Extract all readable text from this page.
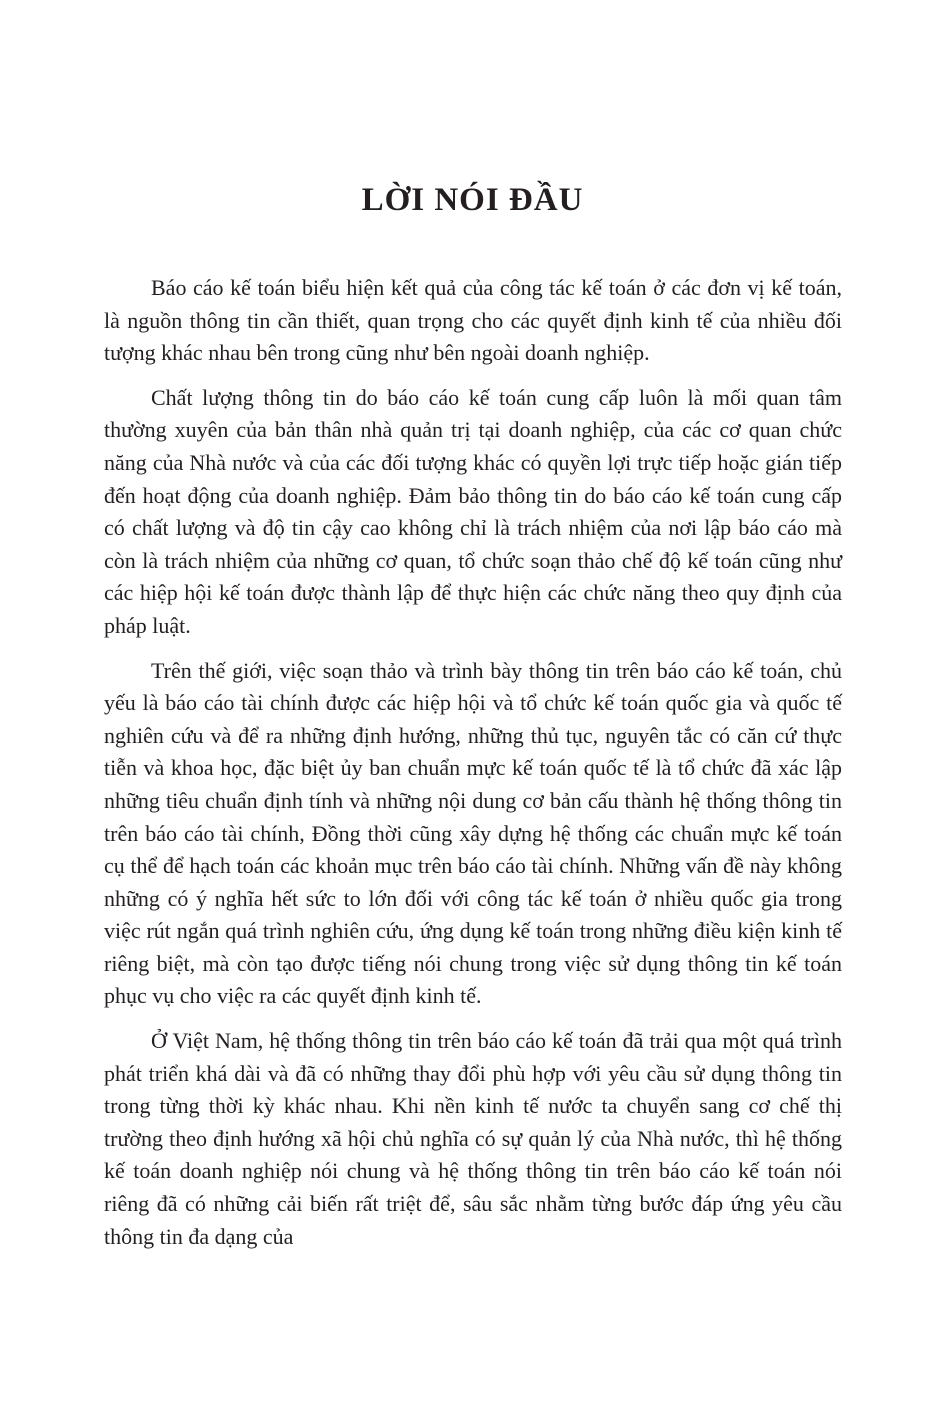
LỜI NÓI ĐẦU

Báo cáo kế toán biểu hiện kết quả của công tác kế toán ở các đơn vị kế toán, là nguồn thông tin cần thiết, quan trọng cho các quyết định kinh tế của nhiều đối tượng khác nhau bên trong cũng như bên ngoài doanh nghiệp.

Chất lượng thông tin do báo cáo kế toán cung cấp luôn là mối quan tâm thường xuyên của bản thân nhà quản trị tại doanh nghiệp, của các cơ quan chức năng của Nhà nước và của các đối tượng khác có quyền lợi trực tiếp hoặc gián tiếp đến hoạt động của doanh nghiệp. Đảm bảo thông tin do báo cáo kế toán cung cấp có chất lượng và độ tin cậy cao không chỉ là trách nhiệm của nơi lập báo cáo mà còn là trách nhiệm của những cơ quan, tổ chức soạn thảo chế độ kế toán cũng như các hiệp hội kế toán được thành lập để thực hiện các chức năng theo quy định của pháp luật.

Trên thế giới, việc soạn thảo và trình bày thông tin trên báo cáo kế toán, chủ yếu là báo cáo tài chính được các hiệp hội và tổ chức kế toán quốc gia và quốc tế nghiên cứu và để ra những định hướng, những thủ tục, nguyên tắc có căn cứ thực tiễn và khoa học, đặc biệt ủy ban chuẩn mực kế toán quốc tế là tổ chức đã xác lập những tiêu chuẩn định tính và những nội dung cơ bản cấu thành hệ thống thông tin trên báo cáo tài chính, Đồng thời cũng xây dựng hệ thống các chuẩn mực kế toán cụ thể để hạch toán các khoản mục trên báo cáo tài chính. Những vấn đề này không những có ý nghĩa hết sức to lớn đối với công tác kế toán ở nhiều quốc gia trong việc rút ngắn quá trình nghiên cứu, ứng dụng kế toán trong những điều kiện kinh tế riêng biệt, mà còn tạo được tiếng nói chung trong việc sử dụng thông tin kế toán phục vụ cho việc ra các quyết định kinh tế.

Ở Việt Nam, hệ thống thông tin trên báo cáo kế toán đã trải qua một quá trình phát triển khá dài và đã có những thay đổi phù hợp với yêu cầu sử dụng thông tin trong từng thời kỳ khác nhau. Khi nền kinh tế nước ta chuyển sang cơ chế thị trường theo định hướng xã hội chủ nghĩa có sự quản lý của Nhà nước, thì hệ thống kế toán doanh nghiệp nói chung và hệ thống thông tin trên báo cáo kế toán nói riêng đã có những cải biến rất triệt để, sâu sắc nhằm từng bước đáp ứng yêu cầu thông tin đa dạng của
